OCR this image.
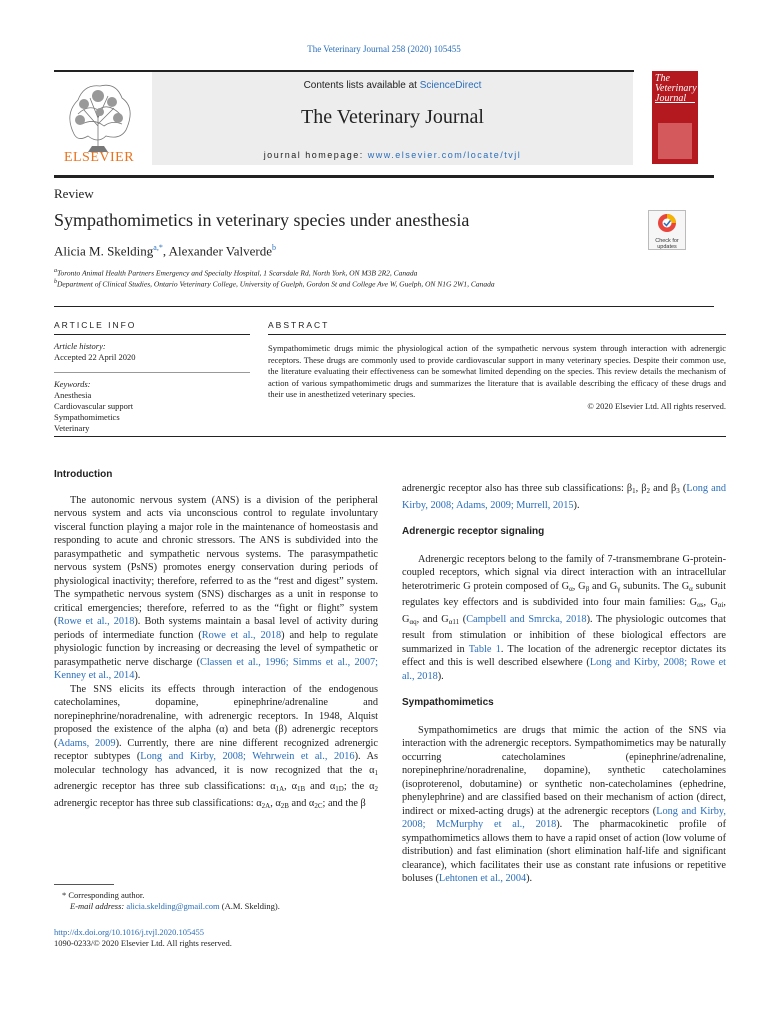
The Veterinary Journal 258 (2020) 105455
ELSEVIER
Contents lists available at ScienceDirect
The Veterinary Journal
journal homepage: www.elsevier.com/locate/tvjl
The Veterinary Journal
Review
Sympathomimetics in veterinary species under anesthesia
Check for updates
Alicia M. Skelding$^{a,*}$, Alexander Valverde$^b$
$^a$Toronto Animal Health Partners Emergency and Specialty Hospital, 1 Scarsdale Rd, North York, ON M3B 2R2, Canada
$^b$Department of Clinical Studies, Ontario Veterinary College, University of Guelph, Gordon St and College Ave W, Guelph, ON N1G 2W1, Canada
ARTICLE INFO
Article history:
Accepted 22 April 2020
Keywords:
Anesthesia
Cardiovascular support
Sympathomimetics
Veterinary
ABSTRACT
Sympathomimetic drugs mimic the physiological action of the sympathetic nervous system through interaction with adrenergic receptors. These drugs are commonly used to provide cardiovascular support in many veterinary species. Despite their common use, the literature evaluating their effectiveness can be somewhat limited depending on the species. This review details the mechanism of action of various sympathomimetic drugs and summarizes the literature that is available describing the efficacy of these drugs and their use in anesthetized veterinary species.
© 2020 Elsevier Ltd. All rights reserved.
Introduction

The autonomic nervous system (ANS) is a division of the peripheral nervous system and acts via unconscious control to regulate involuntary visceral function playing a major role in the maintenance of homeostasis and responding to acute and chronic stressors. The ANS is subdivided into the parasympathetic and sympathetic nervous systems. The parasympathetic nervous system (PsNS) promotes energy conservation during periods of physiological inactivity; therefore, referred to as the “rest and digest” system. The sympathetic nervous system (SNS) discharges as a unit in response to critical emergencies; therefore, referred to as the “fight or flight” system (Rowe et al., 2018). Both systems maintain a basal level of activity during periods of intermediate function (Rowe et al., 2018) and help to regulate physiologic function by increasing or decreasing the level of sympathetic or parasympathetic nerve discharge (Classen et al., 1996; Simms et al., 2007; Kenney et al., 2014).

The SNS elicits its effects through interaction of the endogenous catecholamines, dopamine, epinephrine/adrenaline and norepinephrine/noradrenaline, with adrenergic receptors. In 1948, Alquist proposed the existence of the alpha (α) and beta (β) adrenergic receptors (Adams, 2009). Currently, there are nine different recognized adrenergic receptor subtypes (Long and Kirby, 2008; Wehrwein et al., 2016). As molecular technology has advanced, it is now recognized that the $\alpha_1$ adrenergic receptor has three sub classifications: $\alpha_{1A}$, $\alpha_{1B}$ and $\alpha_{1D}$; the $\alpha_2$ adrenergic receptor has three sub classifications: $\alpha_{2A}$, $\alpha_{2B}$ and $\alpha_{2C}$; and the β

* Corresponding author.
E-mail address: alicia.skelding@gmail.com (A.M. Skelding).
http://dx.doi.org/10.1016/j.tvjl.2020.105455
1090-0233/© 2020 Elsevier Ltd. All rights reserved.
adrenergic receptor also has three sub classifications: $\beta_1$, $\beta_2$ and $\beta_3$ (Long and Kirby, 2008; Adams, 2009; Murrell, 2015).
Adrenergic receptor signaling

Adrenergic receptors belong to the family of 7-transmembrane G-protein-coupled receptors, which signal via direct interaction with an intracellular heterotrimeric G protein composed of $G_\alpha$, $G_\beta$ and $G_\gamma$ subunits. The $G_\alpha$ subunit regulates key effectors and is subdivided into four main families: $G_{\alpha s}$, $G_{\alpha i}$, $G_{\alpha q}$, and $G_{\alpha 11}$ (Campbell and Smrcka, 2018). The physiologic outcomes that result from stimulation or inhibition of these biological effectors are summarized in Table 1. The location of the adrenergic receptor dictates its effect and this is well described elsewhere (Long and Kirby, 2008; Rowe et al., 2018).

Sympathomimetics

Sympathomimetics are drugs that mimic the action of the SNS via interaction with the adrenergic receptors. Sympathomimetics may be naturally occurring catecholamines (epinephrine/adrenaline, norepinephrine/noradrenaline, dopamine), synthetic catecholamines (isoproterenol, dobutamine) or synthetic non-catecholamines (ephedrine, phenylephrine) and are classified based on their mechanism of action (direct, indirect or mixed-acting drugs) at the adrenergic receptors (Long and Kirby, 2008; McMurphy et al., 2018). The pharmacokinetic profile of sympathomimetics allows them to have a rapid onset of action (low volume of distribution) and fast elimination (short elimination half-life and significant clearance), which facilitates their use as constant rate infusions or repetitive boluses (Lehtonen et al., 2004).
